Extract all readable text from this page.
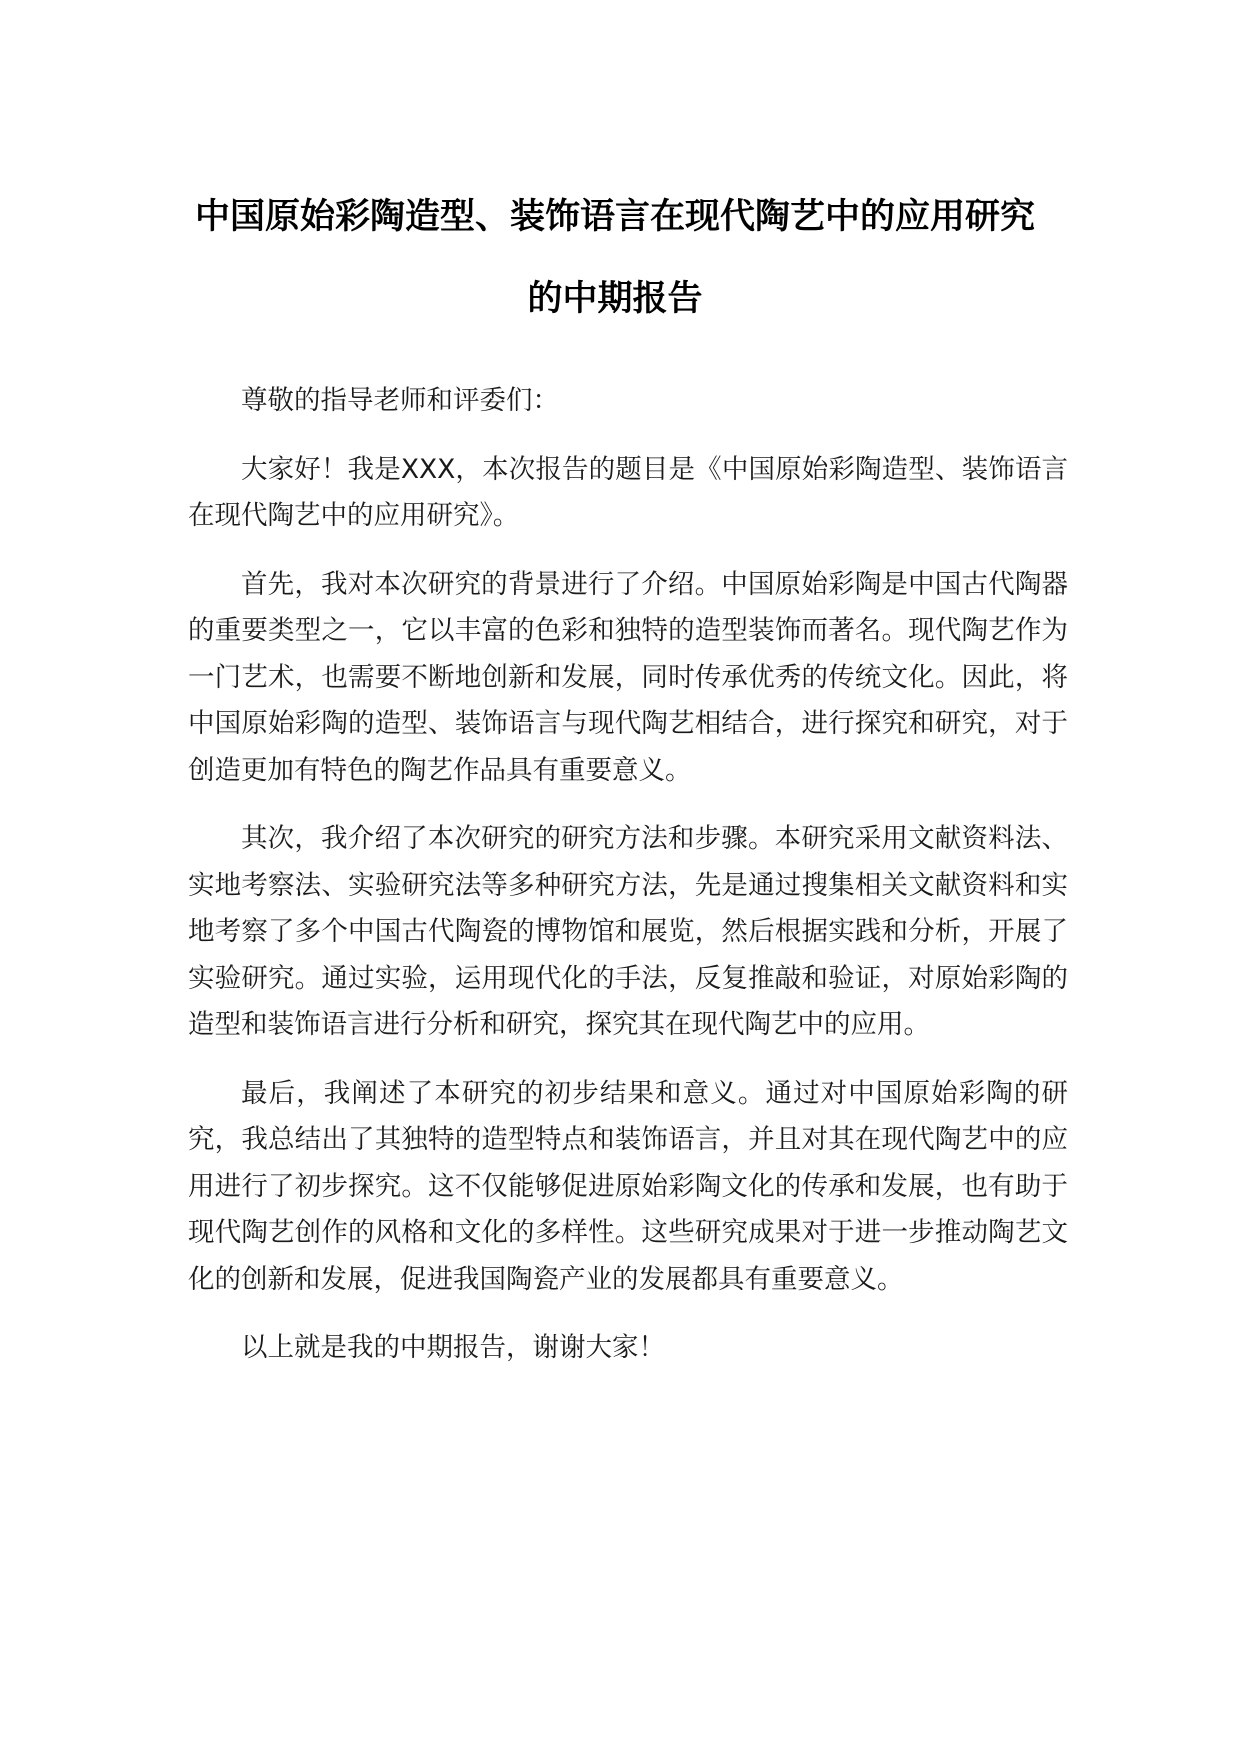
中国原始彩陶造型、装饰语言在现代陶艺中的应用研究的中期报告

尊敬的指导老师和评委们：

大家好！我是XXX，本次报告的题目是《中国原始彩陶造型、装饰语言在现代陶艺中的应用研究》。

首先，我对本次研究的背景进行了介绍。中国原始彩陶是中国古代陶器的重要类型之一，它以丰富的色彩和独特的造型装饰而著名。现代陶艺作为一门艺术，也需要不断地创新和发展，同时传承优秀的传统文化。因此，将中国原始彩陶的造型、装饰语言与现代陶艺相结合，进行探究和研究，对于创造更加有特色的陶艺作品具有重要意义。

其次，我介绍了本次研究的研究方法和步骤。本研究采用文献资料法、实地考察法、实验研究法等多种研究方法，先是通过搜集相关文献资料和实地考察了多个中国古代陶瓷的博物馆和展览，然后根据实践和分析，开展了实验研究。通过实验，运用现代化的手法，反复推敲和验证，对原始彩陶的造型和装饰语言进行分析和研究，探究其在现代陶艺中的应用。

最后，我阐述了本研究的初步结果和意义。通过对中国原始彩陶的研究，我总结出了其独特的造型特点和装饰语言，并且对其在现代陶艺中的应用进行了初步探究。这不仅能够促进原始彩陶文化的传承和发展，也有助于现代陶艺创作的风格和文化的多样性。这些研究成果对于进一步推动陶艺文化的创新和发展，促进我国陶瓷产业的发展都具有重要意义。

以上就是我的中期报告，谢谢大家！
